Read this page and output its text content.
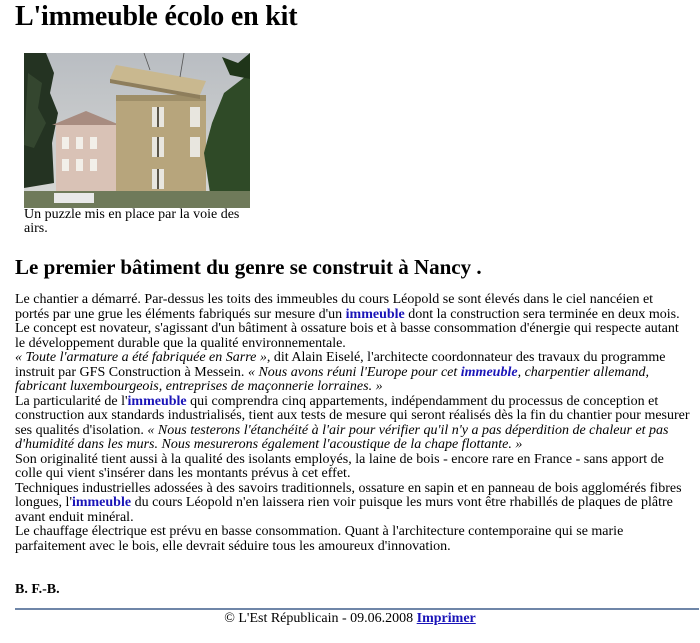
L'immeuble écolo en kit
Un puzzle mis en place par la voie des airs.
Le premier bâtiment du genre se construit à Nancy .

Le chantier a démarré. Par-dessus les toits des immeubles du cours Léopold se sont élevés dans le ciel nancéien et portés par une grue les éléments fabriqués sur mesure d'un immeuble dont la construction sera terminée en deux mois.

Le concept est novateur, s'agissant d'un bâtiment à ossature bois et à basse consommation d'énergie qui respecte autant le développement durable que la qualité environnementale.

« Toute l'armature a été fabriquée en Sarre », dit Alain Eiselé, l'architecte coordonnateur des travaux du programme instruit par GFS Construction à Messein. « Nous avons réuni l'Europe pour cet immeuble, charpentier allemand, fabricant luxembourgeois, entreprises de maçonnerie lorraines. »

La particularité de l'immeuble qui comprendra cinq appartements, indépendamment du processus de conception et construction aux standards industrialisés, tient aux tests de mesure qui seront réalisés dès la fin du chantier pour mesurer ses qualités d'isolation. « Nous testerons l'étanchéité à l'air pour vérifier qu'il n'y a pas déperdition de chaleur et pas d'humidité dans les murs. Nous mesurerons également l'acoustique de la chape flottante. »

Son originalité tient aussi à la qualité des isolants employés, la laine de bois - encore rare en France - sans apport de colle qui vient s'insérer dans les montants prévus à cet effet.

Techniques industrielles adossées à des savoirs traditionnels, ossature en sapin et en panneau de bois agglomérés fibres longues, l'immeuble du cours Léopold n'en laissera rien voir puisque les murs vont être rhabillés de plaques de plâtre avant enduit minéral.

Le chauffage électrique est prévu en basse consommation. Quant à l'architecture contemporaine qui se marie parfaitement avec le bois, elle devrait séduire tous les amoureux d'innovation.

B. F.-B.
© L'Est Républicain - 09.06.2008 Imprimer
